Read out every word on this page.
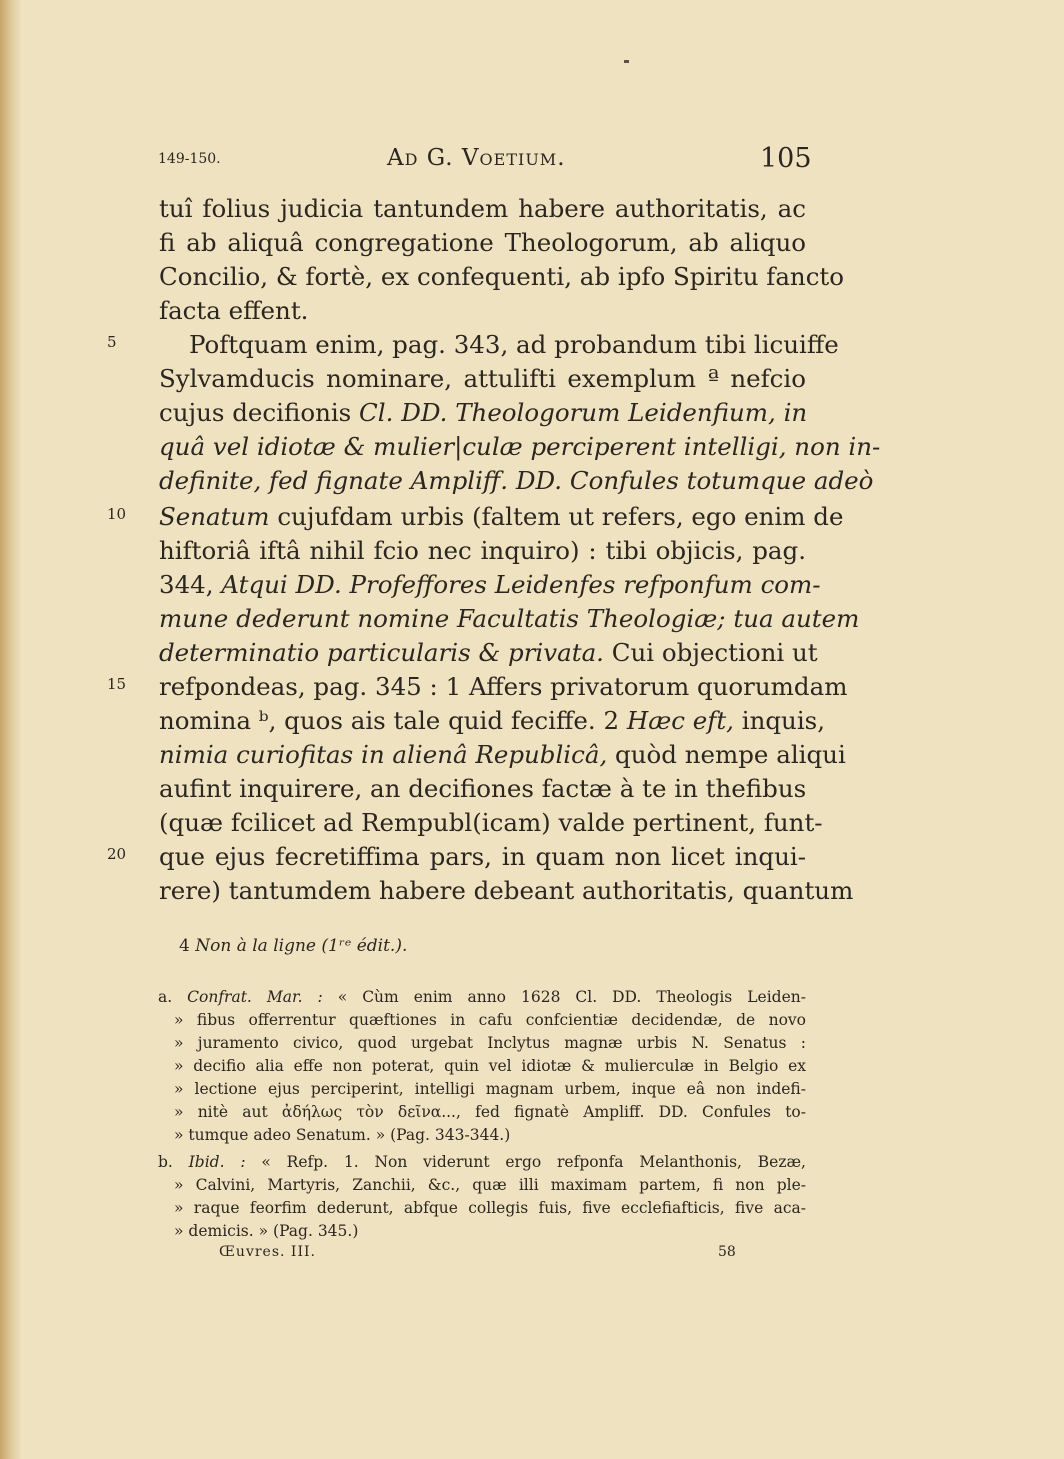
149-150.	Ad G. Voetium.	105
tuî folius judicia tantundem habere authoritatis, ac
fi ab aliquâ congregatione Theologorum, ab aliquo
Concilio, & fortè, ex confequenti, ab ipfo Spiritu fancto
facta effent.
Poftquam enim, pag. 343, ad probandum tibi licuiffe
Sylvamducis nominare, attulifti exemplum ª nefcio
cujus decifionis Cl. DD. Theologorum Leidenfium, in
quâ vel idiotæ & mulier|culæ perciperent intelligi, non in-
definite, fed fignate Ampliff. DD. Confules totumque adeò
Senatum cujufdam urbis (faltem ut refers, ego enim de
hiftoriâ iftâ nihil fcio nec inquiro) : tibi objicis, pag.
344, Atqui DD. Profeffores Leidenfes refponfum com-
mune dederunt nomine Facultatis Theologiæ; tua autem
determinatio particularis & privata. Cui objectioni ut
refpondeas, pag. 345 : 1 Affers privatorum quorumdam
nomina ᵇ, quos ais tale quid feciffe. 2 Hæc eft, inquis,
nimia curiofitas in alienâ Republicâ, quòd nempe aliqui
aufint inquirere, an decifiones factæ à te in thefibus
(quæ fcilicet ad Rempubl(icam) valde pertinent, funt-
que ejus fecretiffima pars, in quam non licet inqui-
rere) tantumdem habere debeant authoritatis, quantum
5
10
15
20
4 Non à la ligne (1ʳᵉ édit.).
a. Confrat. Mar. : « Cùm enim anno 1628 Cl. DD. Theologis Leiden-
» fibus offerrentur quæftiones in cafu confcientiæ decidendæ, de novo
» juramento civico, quod urgebat Inclytus magnæ urbis N. Senatus :
» decifio alia effe non poterat, quin vel idiotæ & mulierculæ in Belgio ex
» lectione ejus perciperint, intelligi magnam urbem, inque eâ non indefi-
» nitè aut ἀδήλως τὸν δεῖνα..., fed fignatè Ampliff. DD. Confules to-
» tumque adeo Senatum. » (Pag. 343-344.)
b. Ibid. : « Refp. 1. Non viderunt ergo refponfa Melanthonis, Bezæ,
» Calvini, Martyris, Zanchii, &c., quæ illi maximam partem, fi non ple-
» raque feorfim dederunt, abfque collegis fuis, five ecclefiafticis, five aca-
» demicis. » (Pag. 345.)
Œuvres. III.	58
